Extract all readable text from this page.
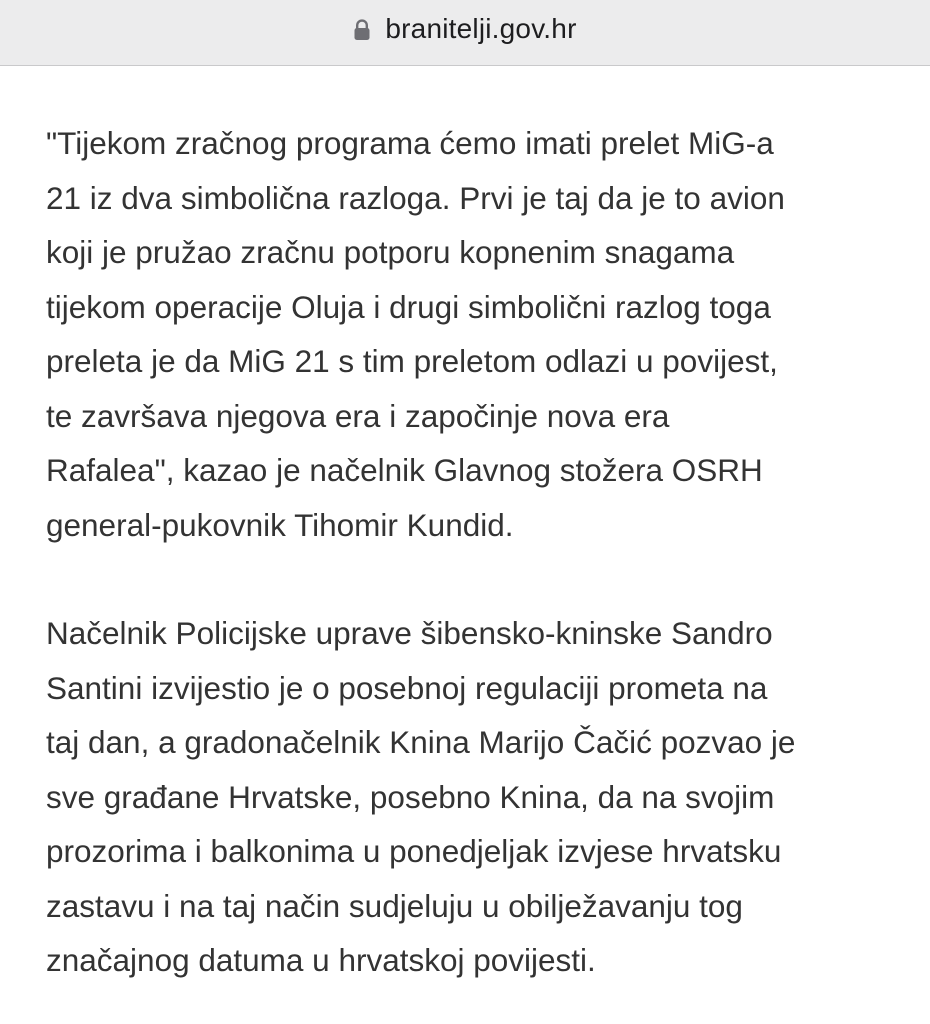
branitelji.gov.hr

"Tijekom zračnog programa ćemo imati prelet MiG-a
21 iz dva simbolična razloga. Prvi je taj da je to avion
koji je pružao zračnu potporu kopnenim snagama
tijekom operacije Oluja i drugi simbolični razlog toga
preleta je da MiG 21 s tim preletom odlazi u povijest,
te završava njegova era i započinje nova era
Rafalea", kazao je načelnik Glavnog stožera OSRH
general-pukovnik Tihomir Kundid.

Načelnik Policijske uprave šibensko-kninske Sandro
Santini izvijestio je o posebnoj regulaciji prometa na
taj dan, a gradonačelnik Knina Marijo Čačić pozvao je
sve građane Hrvatske, posebno Knina, da na svojim
prozorima i balkonima u ponedjeljak izvjese hrvatsku
zastavu i na taj način sudjeluju u obilježavanju tog
značajnog datuma u hrvatskoj povijesti.
